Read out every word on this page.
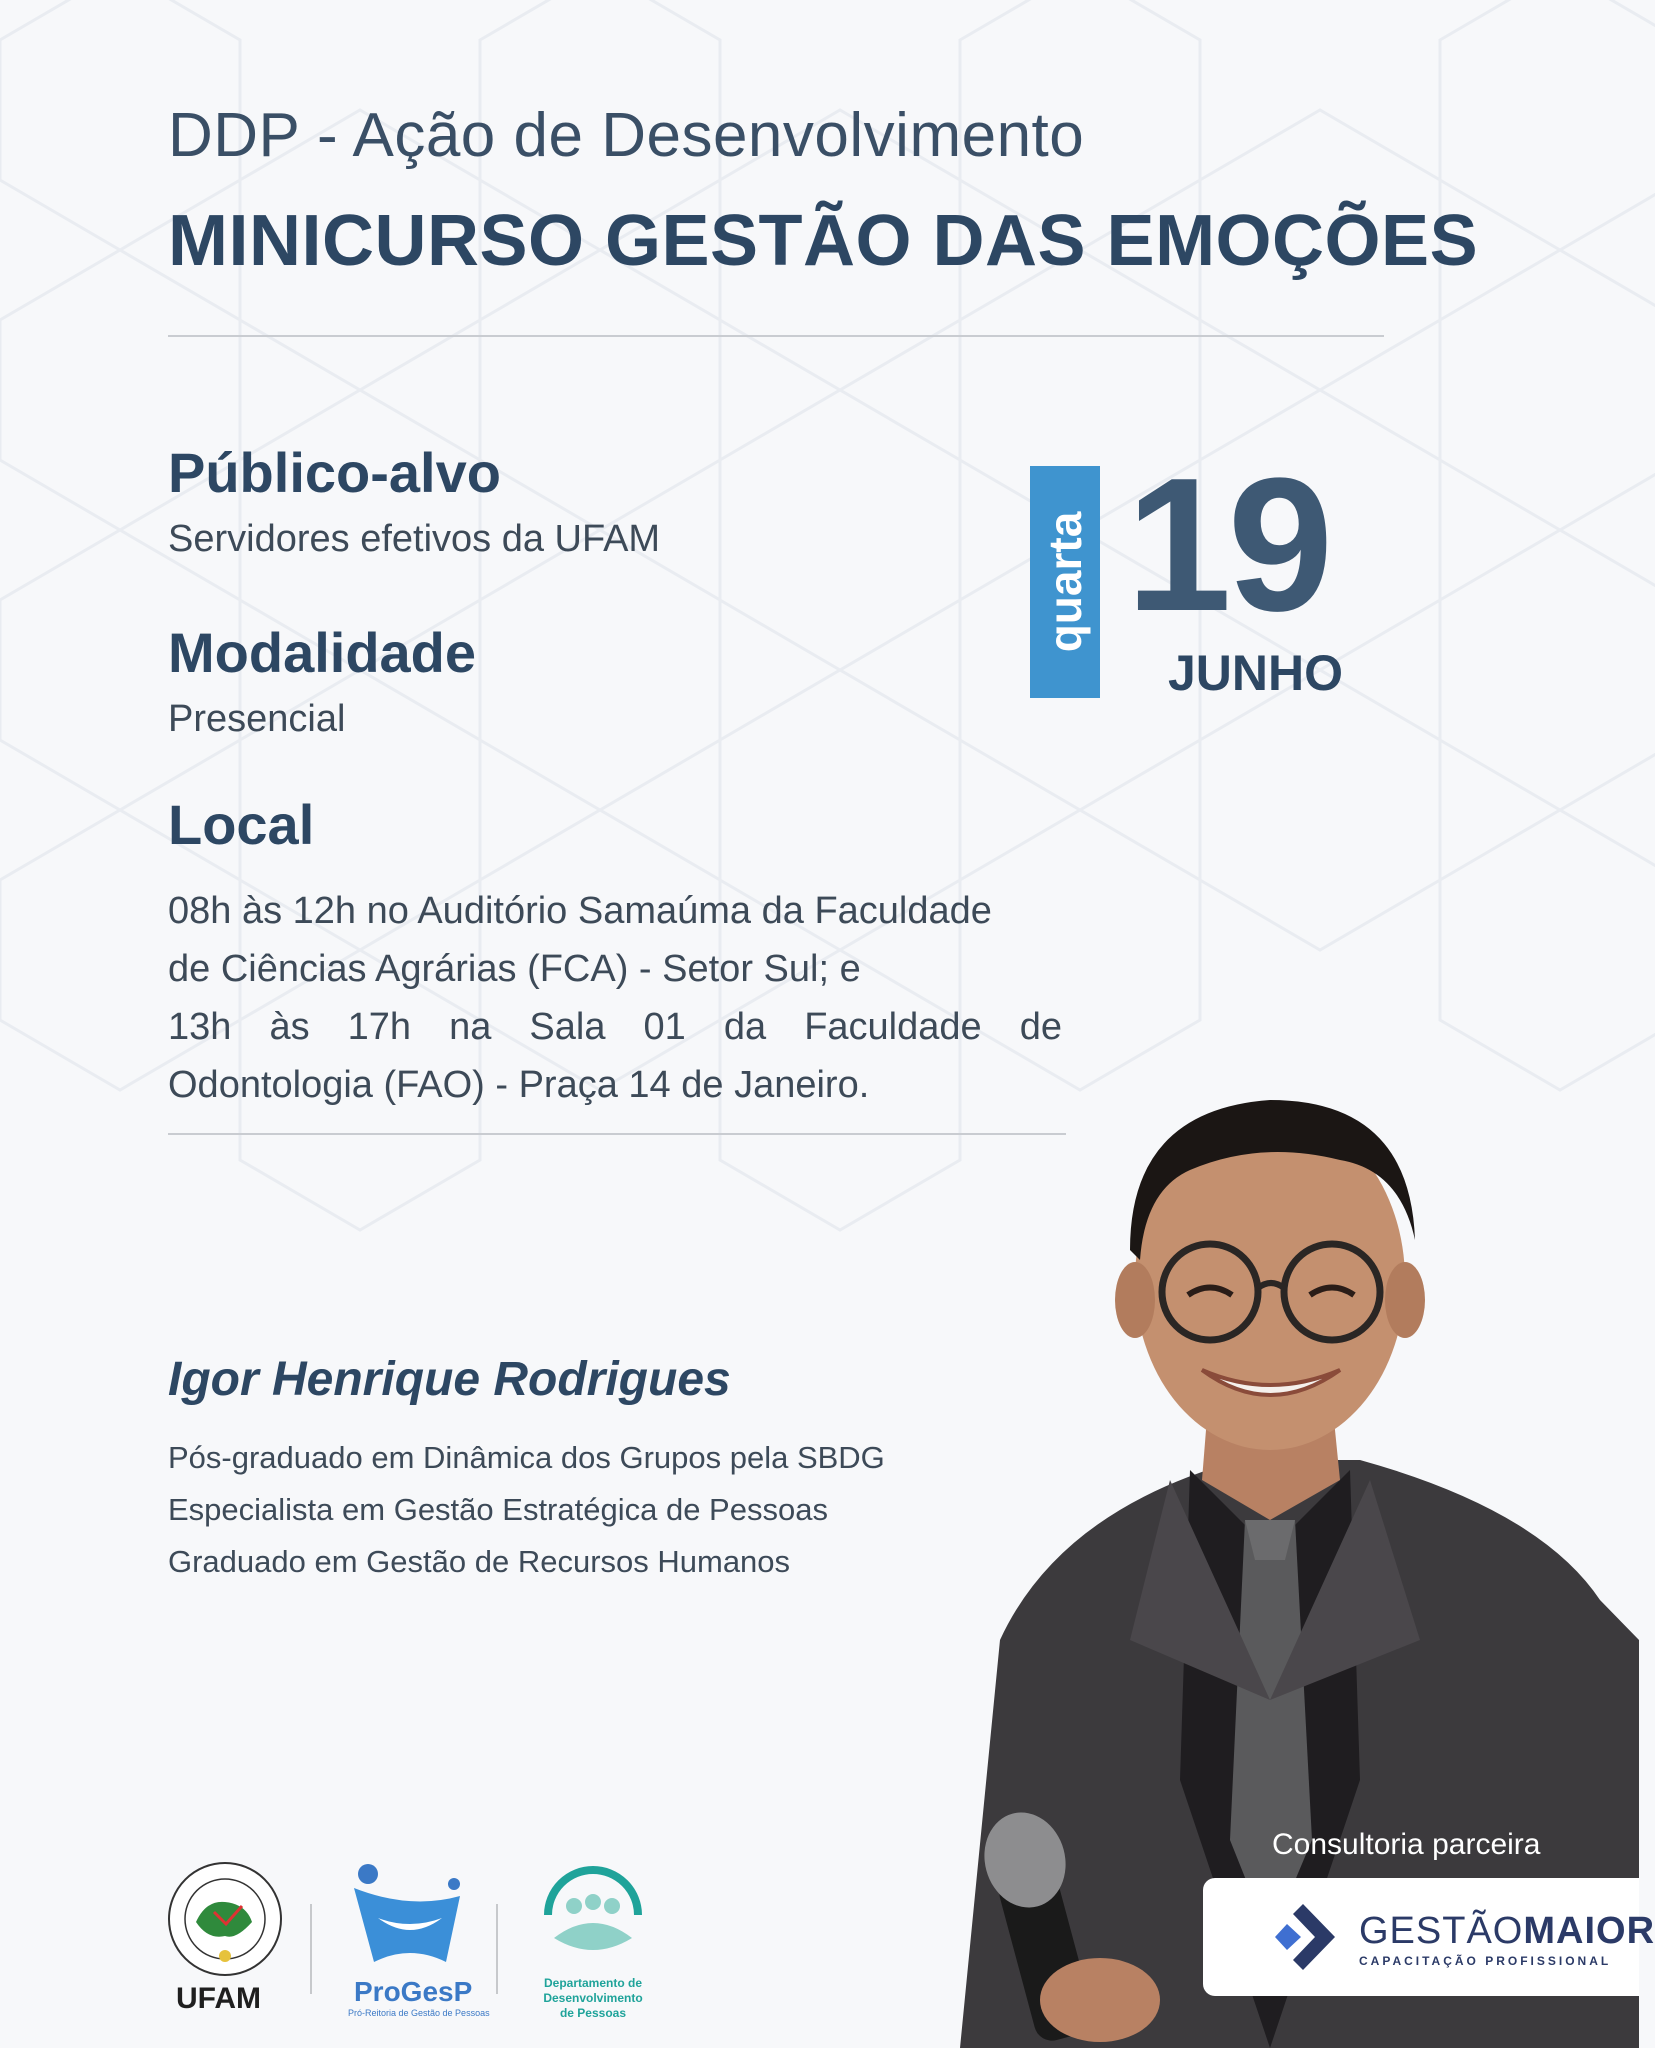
DDP - Ação de Desenvolvimento
MINICURSO GESTÃO DAS EMOÇÕES
Público-alvo
Servidores efetivos da UFAM
Modalidade
Presencial
Local
08h às 12h no Auditório Samaúma da Faculdade
de Ciências Agrárias (FCA) - Setor Sul; e
13h às 17h na Sala 01 da Faculdade de
Odontologia (FAO) - Praça 14 de Janeiro.
quarta 19
JUNHO
Igor Henrique Rodrigues
Pós-graduado em Dinâmica dos Grupos pela SBDG
Especialista em Gestão Estratégica de Pessoas
Graduado em Gestão de Recursos Humanos
Consultoria parceira
GESTÃOMAIOR
CAPACITAÇÃO PROFISSIONAL
UFAM	ProGesP
Pró-Reitoria de Gestão de Pessoas
Departamento de
Desenvolvimento
de Pessoas
